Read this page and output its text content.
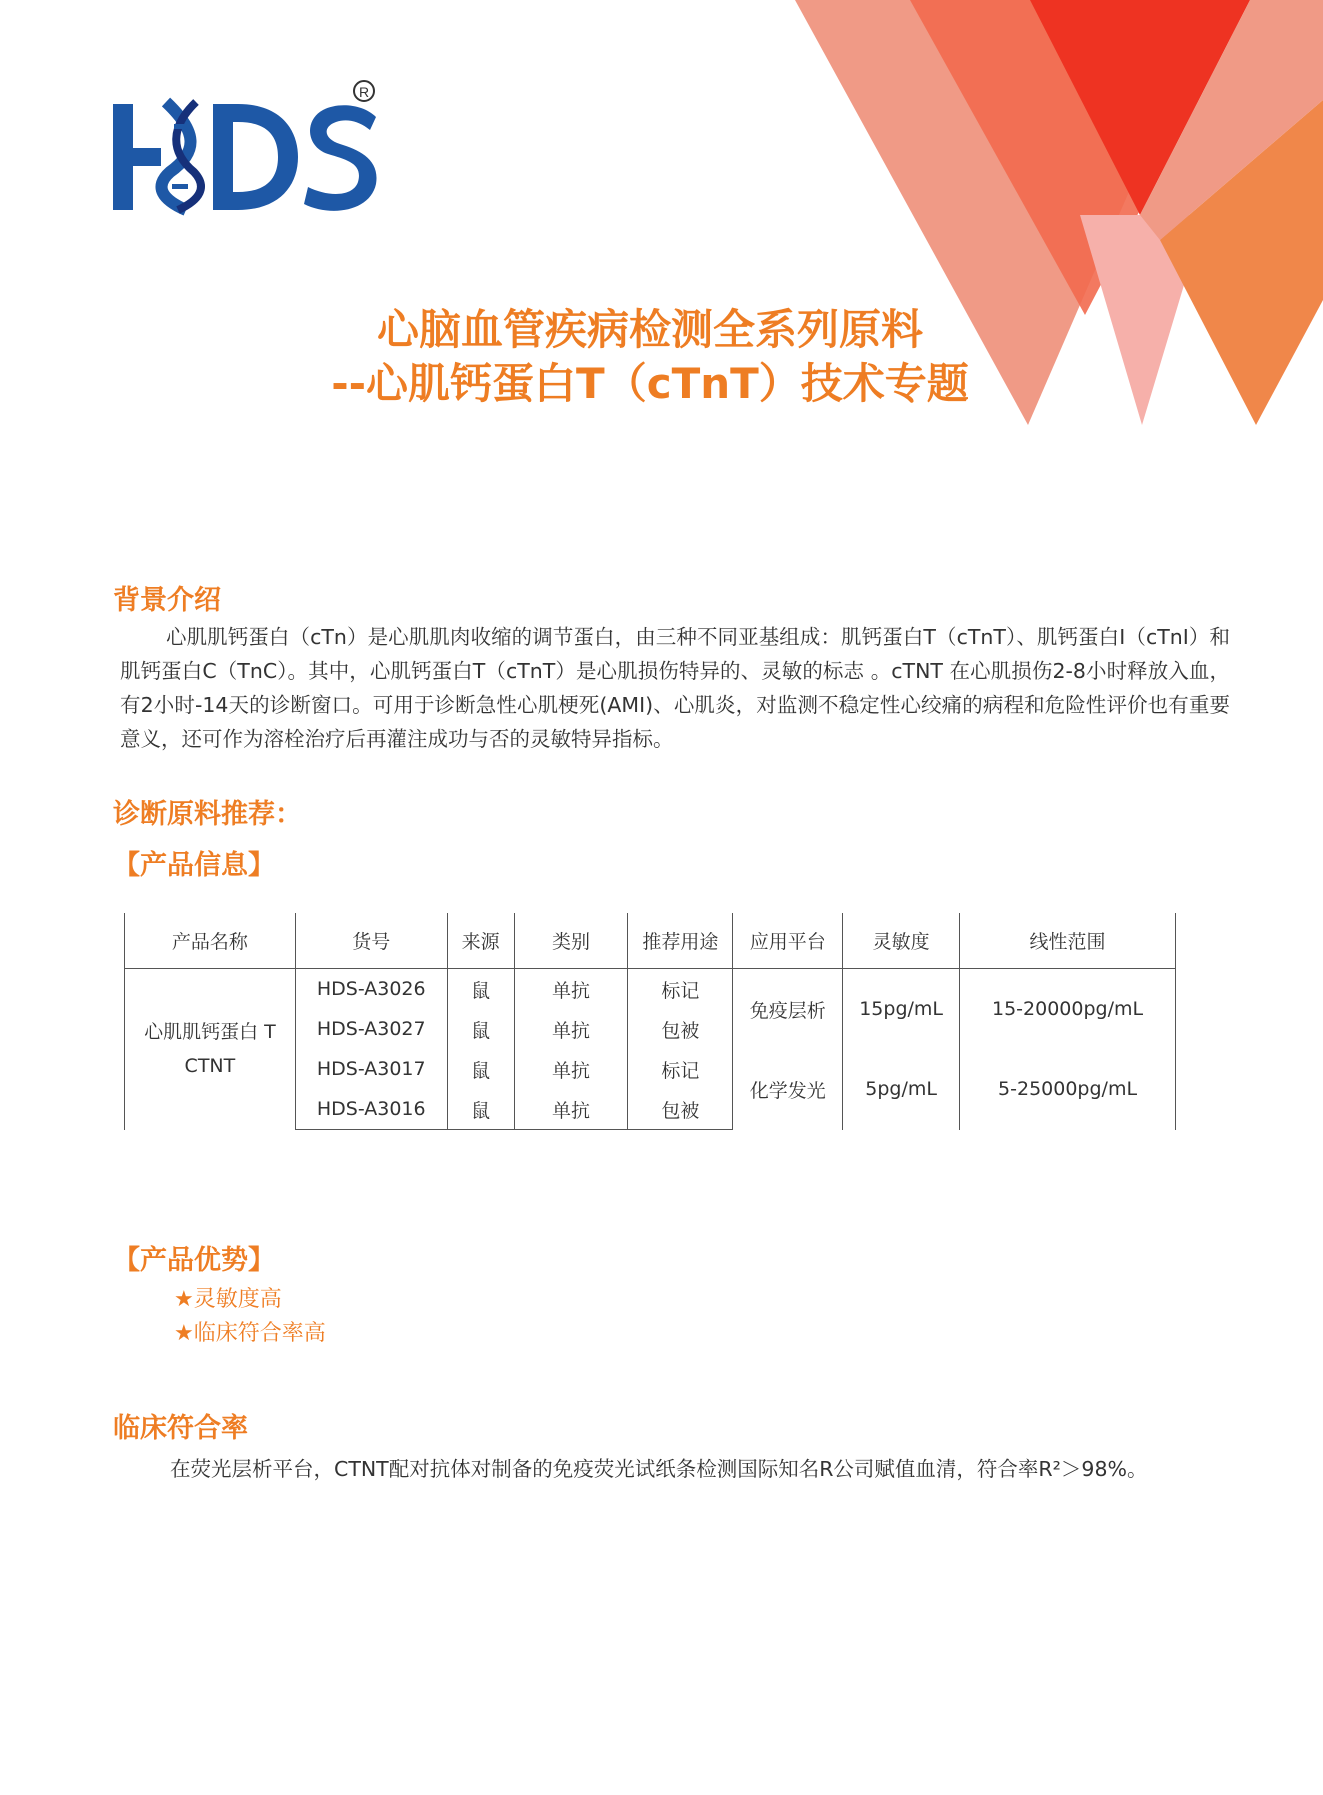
R
心脑血管疾病检测全系列原料
--心肌钙蛋白T（cTnT）技术专题
背景介绍

心肌肌钙蛋白（cTn）是心肌肌肉收缩的调节蛋白，由三种不同亚基组成：肌钙蛋白T（cTnT）、肌钙蛋白I（cTnI）和肌钙蛋白C（TnC）。其中，心肌钙蛋白T（cTnT）是心肌损伤特异的、灵敏的标志 。cTNT 在心肌损伤2-8小时释放入血，有2小时-14天的诊断窗口。可用于诊断急性心肌梗死(AMI)、心肌炎，对监测不稳定性心绞痛的病程和危险性评价也有重要意义，还可作为溶栓治疗后再灌注成功与否的灵敏特异指标。

诊断原料推荐：
【产品信息】
产品名称	货号	来源	类别	推荐用途	应用平台	灵敏度	线性范围

心肌肌钙蛋白 T
CTNT	HDS-A3026	鼠	单抗	标记	免疫层析	15pg/mL	15-20000pg/mL
	HDS-A3027	鼠	单抗	包被			
	HDS-A3017	鼠	单抗	标记	化学发光	5pg/mL	5-25000pg/mL
	HDS-A3016	鼠	单抗	包被			
【产品优势】

★灵敏度高

★临床符合率高

临床符合率

在荧光层析平台，CTNT配对抗体对制备的免疫荧光试纸条检测国际知名R公司赋值血清，符合率R²＞98%。
